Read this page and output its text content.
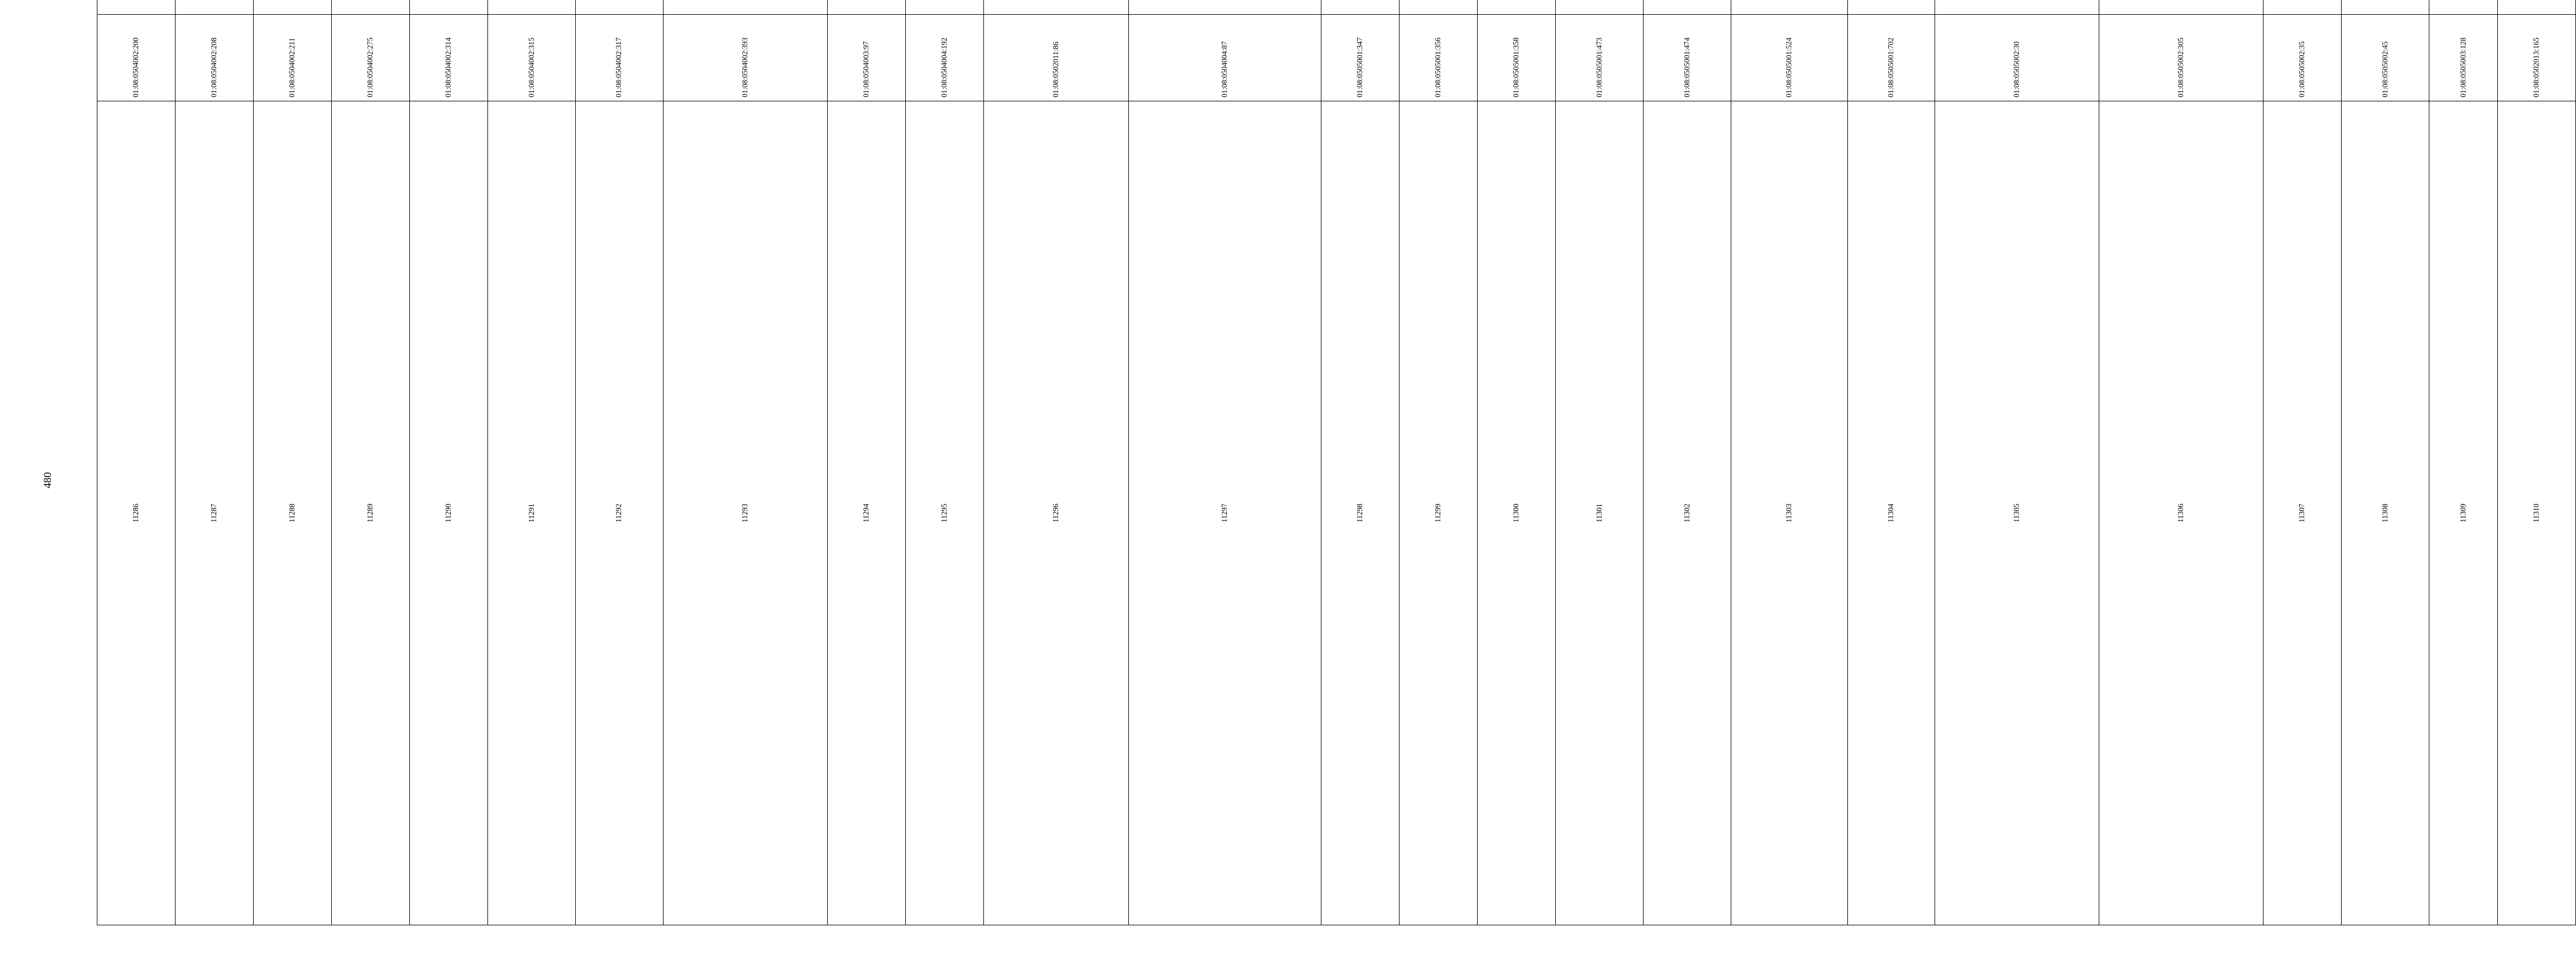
480
11286	01:08:0504002:200		
11287	01:08:0504002:208		
11288	01:08:0504002:211		
11289	01:08:0504002:275		
11290	01:08:0504002:314		
11291	01:08:0504002:315		
11292	01:08:0504002:317		
11293	01:08:0504002:393		
11294	01:08:0504003:97		
11295	01:08:0504004:192		
11296	01:08:0502011:86		
11297	01:08:0504004:87		
11298	01:08:0505001:347		
11299	01:08:0505001:356		
11300	01:08:0505001:358		
11301	01:08:0505001:473		
11302	01:08:0505001:474		
11303	01:08:0505001:524		
11304	01:08:0505001:702		
11305	01:08:0505002:30		
11306	01:08:0505002:305		
11307	01:08:0505002:35		
11308	01:08:0505002:45		
11309	01:08:0505003:128		
11310	01:08:0502013:165		
